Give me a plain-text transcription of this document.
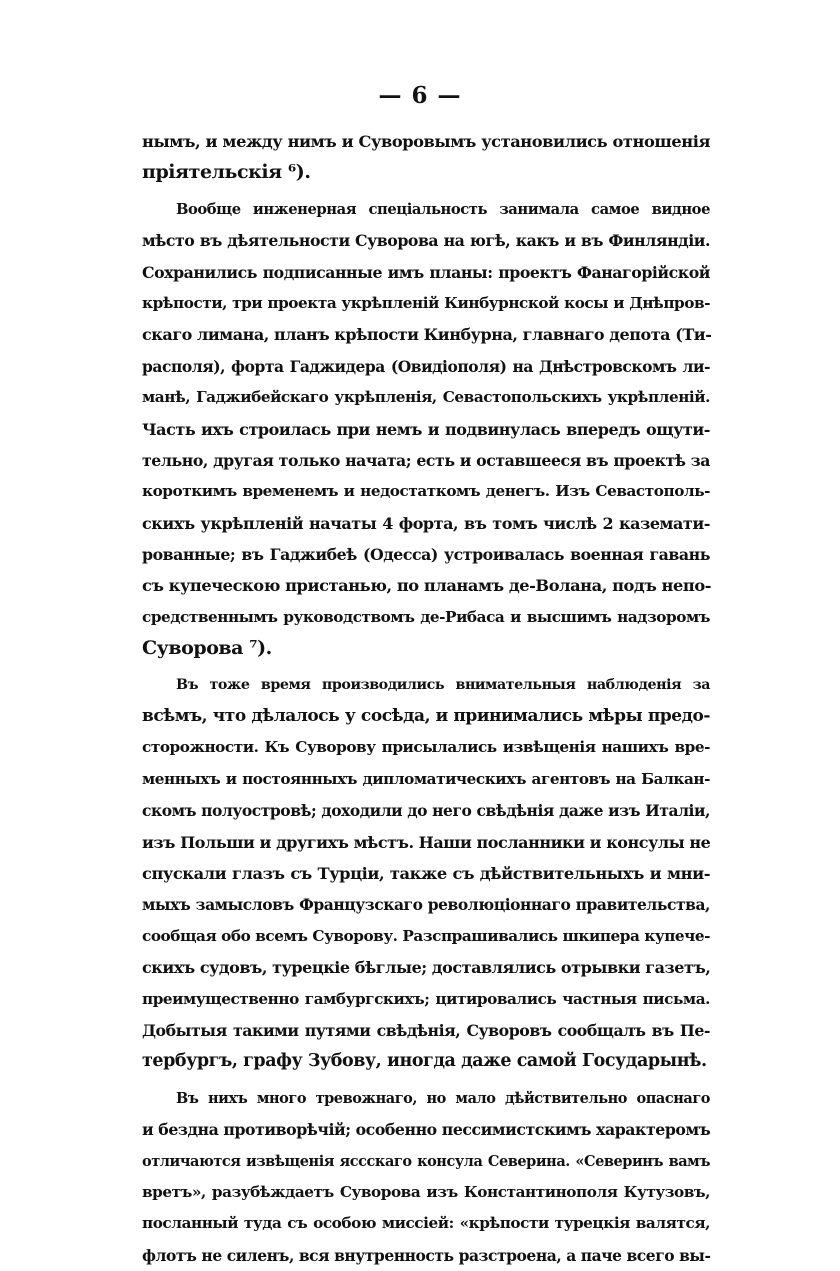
— 6 —
нымъ, и между нимъ и Суворовымъ установились отношенія
пріятельскія ⁶).
Вообще инженерная спеціальность занимала самое видное
мѣсто въ дѣятельности Суворова на югѣ, какъ и въ Финляндіи.
Сохранились подписанные имъ планы: проектъ Фанагорійской
крѣпости, три проекта укрѣпленій Кинбурнской косы и Днѣпров-
скаго лимана, планъ крѣпости Кинбурна, главнаго депота (Ти-
располя), форта Гаджидера (Овидіополя) на Днѣстровскомъ ли-
манѣ, Гаджибейскаго укрѣпленія, Севастопольскихъ укрѣпленій.
Часть ихъ строилась при немъ и подвинулась впередъ ощути-
тельно, другая только начата; есть и оставшееся въ проектѣ за
короткимъ временемъ и недостаткомъ денегъ. Изъ Севастополь-
скихъ укрѣпленій начаты 4 форта, въ томъ числѣ 2 каземати-
рованные; въ Гаджибеѣ (Одесса) устроивалась военная гавань
съ купеческою пристанью, по планамъ де-Волана, подъ непо-
средственнымъ руководствомъ де-Рибаса и высшимъ надзоромъ
Суворова ⁷).
Въ тоже время производились внимательныя наблюденія за
всѣмъ, что дѣлалось у сосѣда, и принимались мѣры предо-
сторожности. Къ Суворову присылались извѣщенія нашихъ вре-
менныхъ и постоянныхъ дипломатическихъ агентовъ на Балкан-
скомъ полуостровѣ; доходили до него свѣдѣнія даже изъ Италіи,
изъ Польши и другихъ мѣстъ. Наши посланники и консулы не
спускали глазъ съ Турціи, также съ дѣйствительныхъ и мни-
мыхъ замысловъ Французскаго революціоннаго правительства,
сообщая обо всемъ Суворову. Разспрашивались шкипера купече-
скихъ судовъ, турецкіе бѣглые; доставлялись отрывки газетъ,
преимущественно гамбургскихъ; цитировались частныя письма.
Добытыя такими путями свѣдѣнія, Суворовъ сообщалъ въ Пе-
тербургъ, графу Зубову, иногда даже самой Государынѣ.
Въ нихъ много тревожнаго, но мало дѣйствительно опаснаго
и бездна противорѣчій; особенно пессимистскимъ характеромъ
отличаются извѣщенія яссскаго консула Северина. «Северинъ вамъ
вретъ», разубѣждаетъ Суворова изъ Константинополя Кутузовъ,
посланный туда съ особою миссіей: «крѣпости турецкія валятся,
флотъ не силенъ, вся внутренность разстроена, а паче всего вы-
